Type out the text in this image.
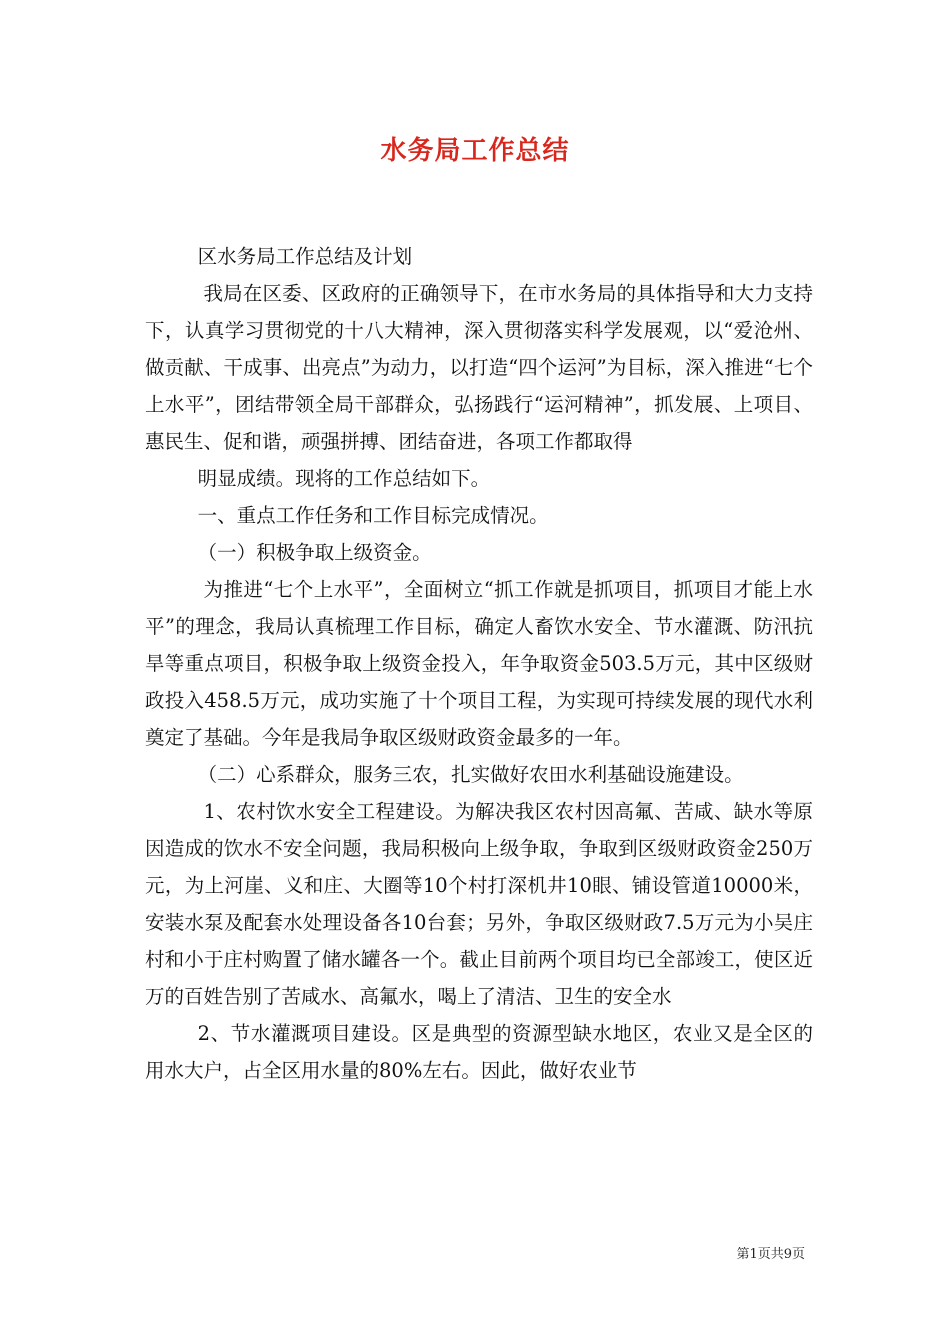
水务局工作总结

区水务局工作总结及计划

我局在区委、区政府的正确领导下，在市水务局的具体指导和大力支持下，认真学习贯彻党的十八大精神，深入贯彻落实科学发展观，以“爱沧州、做贡献、干成事、出亮点”为动力，以打造“四个运河”为目标，深入推进“七个上水平”，团结带领全局干部群众，弘扬践行“运河精神”，抓发展、上项目、惠民生、促和谐，顽强拼搏、团结奋进，各项工作都取得

明显成绩。现将的工作总结如下。

一、重点工作任务和工作目标完成情况。

（一）积极争取上级资金。

为推进“七个上水平”，全面树立“抓工作就是抓项目，抓项目才能上水平”的理念，我局认真梳理工作目标，确定人畜饮水安全、节水灌溉、防汛抗旱等重点项目，积极争取上级资金投入，年争取资金503.5万元，其中区级财政投入458.5万元，成功实施了十个项目工程，为实现可持续发展的现代水利奠定了基础。今年是我局争取区级财政资金最多的一年。

（二）心系群众，服务三农，扎实做好农田水利基础设施建设。

1、农村饮水安全工程建设。为解决我区农村因高氟、苦咸、缺水等原因造成的饮水不安全问题，我局积极向上级争取，争取到区级财政资金250万元，为上河崖、义和庄、大圈等10个村打深机井10眼、铺设管道10000米，安装水泵及配套水处理设备各10台套；另外，争取区级财政7.5万元为小吴庄村和小于庄村购置了储水罐各一个。截止目前两个项目均已全部竣工，使区近万的百姓告别了苦咸水、高氟水，喝上了清洁、卫生的安全水

2、节水灌溉项目建设。区是典型的资源型缺水地区，农业又是全区的用水大户，占全区用水量的80%左右。因此，做好农业节

第1页共9页
